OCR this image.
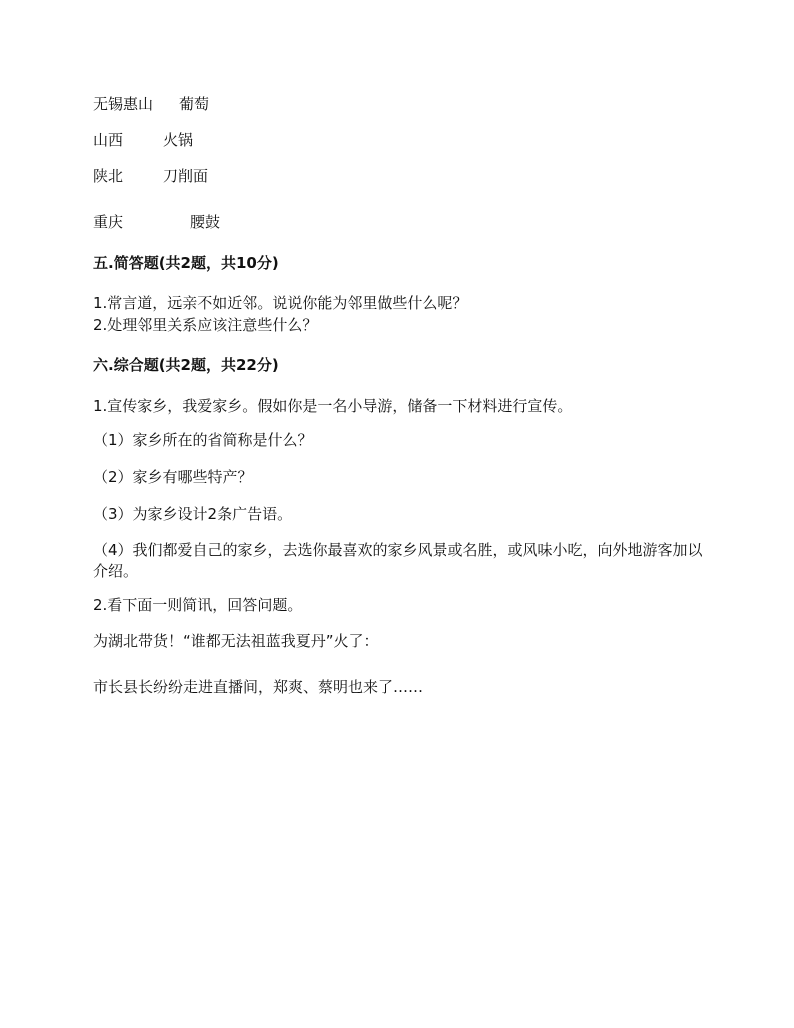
无锡惠山 葡萄
山西	火锅
陕北	刀削面
重庆	腰鼓
五.简答题(共2题，共10分)
1.常言道，远亲不如近邻。说说你能为邻里做些什么呢？
2.处理邻里关系应该注意些什么？
六.综合题(共2题，共22分)
1.宣传家乡，我爱家乡。假如你是一名小导游，储备一下材料进行宣传。
（1）家乡所在的省简称是什么？
（2）家乡有哪些特产？
（3）为家乡设计2条广告语。
（4）我们都爱自己的家乡，去选你最喜欢的家乡风景或名胜，或风味小吃，向外地游客加以介绍。
2.看下面一则简讯，回答问题。
为湖北带货！“谁都无法祖蓝我夏丹”火了：
市长县长纷纷走进直播间，郑爽、蔡明也来了……
